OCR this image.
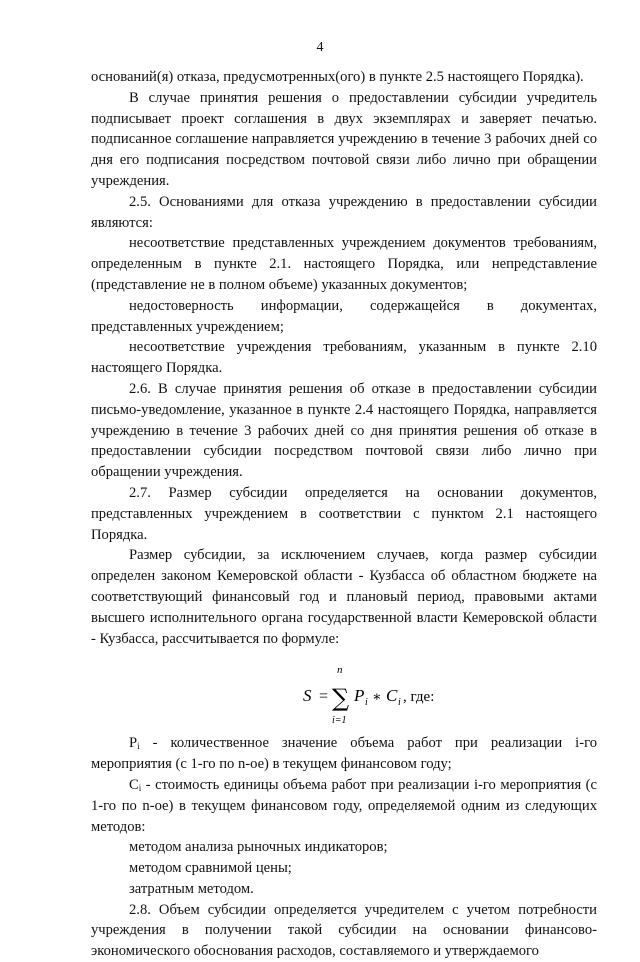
4

оснований(я) отказа, предусмотренных(ого) в пункте 2.5 настоящего Порядка).

В случае принятия решения о предоставлении субсидии учредитель подписывает проект соглашения в двух экземплярах и заверяет печатью. подписанное соглашение направляется учреждению в течение 3 рабочих дней со дня его подписания посредством почтовой связи либо лично при обращении учреждения.

2.5. Основаниями для отказа учреждению в предоставлении субсидии являются:

несоответствие представленных учреждением документов требованиям, определенным в пункте 2.1. настоящего Порядка, или непредставление (представление не в полном объеме) указанных документов;

недостоверность информации, содержащейся в документах, представленных учреждением;

несоответствие учреждения требованиям, указанным в пункте 2.10 настоящего Порядка.

2.6. В случае принятия решения об отказе в предоставлении субсидии письмо-уведомление, указанное в пункте 2.4 настоящего Порядка, направляется учреждению в течение 3 рабочих дней со дня принятия решения об отказе в предоставлении субсидии посредством почтовой связи либо лично при обращении учреждения.

2.7. Размер субсидии определяется на основании документов, представленных учреждением в соответствии с пунктом 2.1 настоящего Порядка.

Размер субсидии, за исключением случаев, когда размер субсидии определен законом Кемеровской области - Кузбасса об областном бюджете на соответствующий финансовый год и плановый период, правовыми актами высшего исполнительного органа государственной власти Кемеровской области - Кузбасса, рассчитывается по формуле:

S = ∑
n
i=1
P i ∗ C i , где:

$P_i$ - количественное значение объема работ при реализации i-го мероприятия (с 1-го по n-ое) в текущем финансовом году;

$C_i$ - стоимость единицы объема работ при реализации i-го мероприятия (с 1-го по n-ое) в текущем финансовом году, определяемой одним из следующих методов:

методом анализа рыночных индикаторов;

методом сравнимой цены;

затратным методом.

2.8. Объем субсидии определяется учредителем с учетом потребности учреждения в получении такой субсидии на основании финансово-экономического обоснования расходов, составляемого и утверждаемого
